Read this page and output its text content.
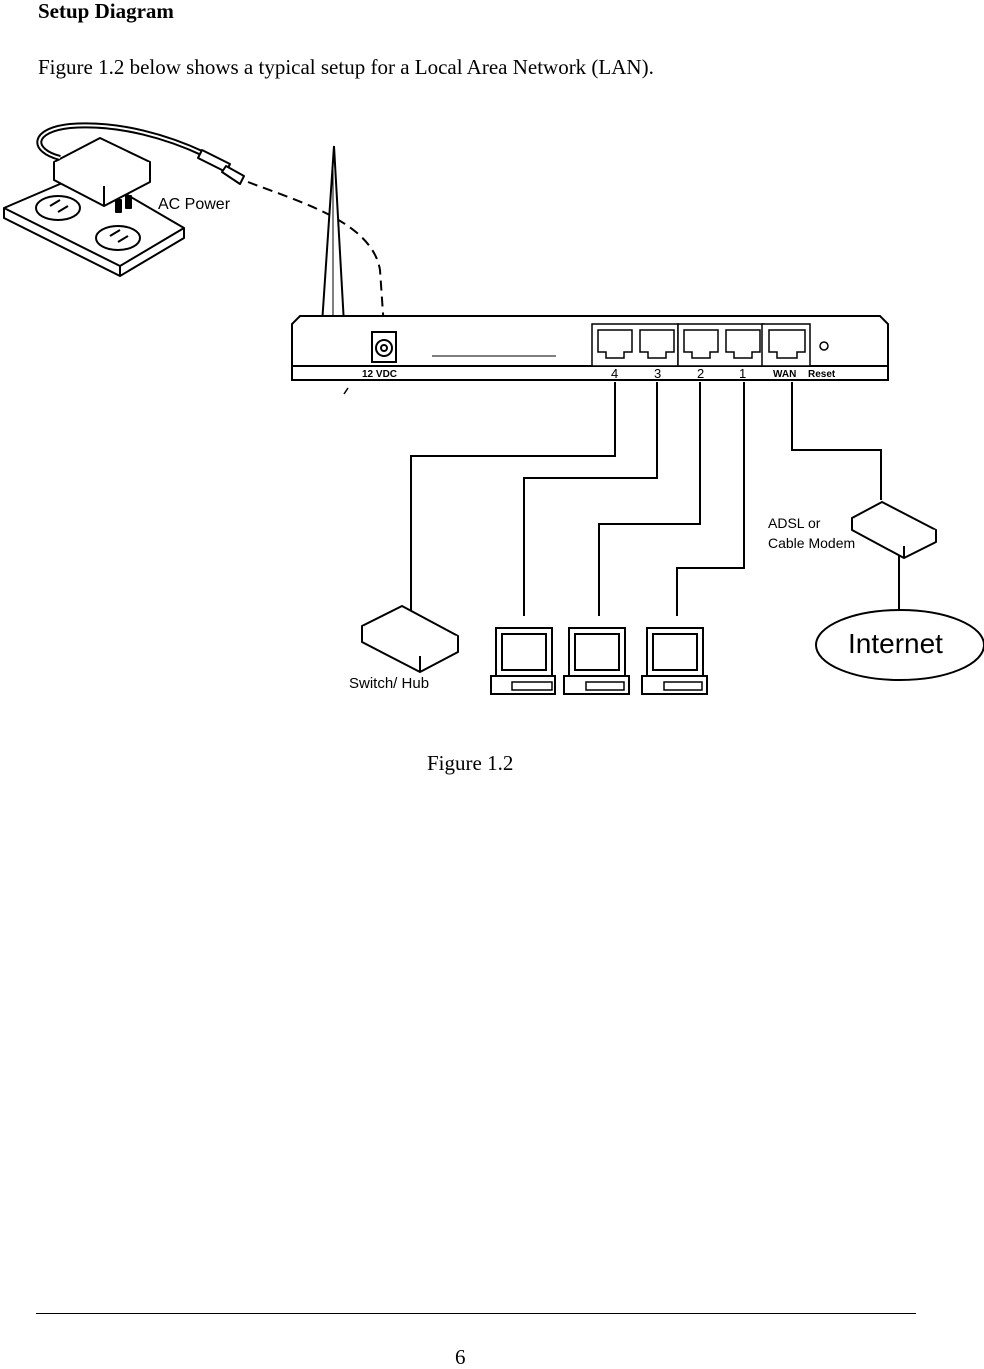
Setup Diagram
Figure 1.2 below shows a typical setup for a Local Area Network (LAN).
AC Power
12 VDC	4	3	2	1	WAN Reset
ADSL or
Cable Modem
Internet
Switch/ Hub
Figure 1.2
6
